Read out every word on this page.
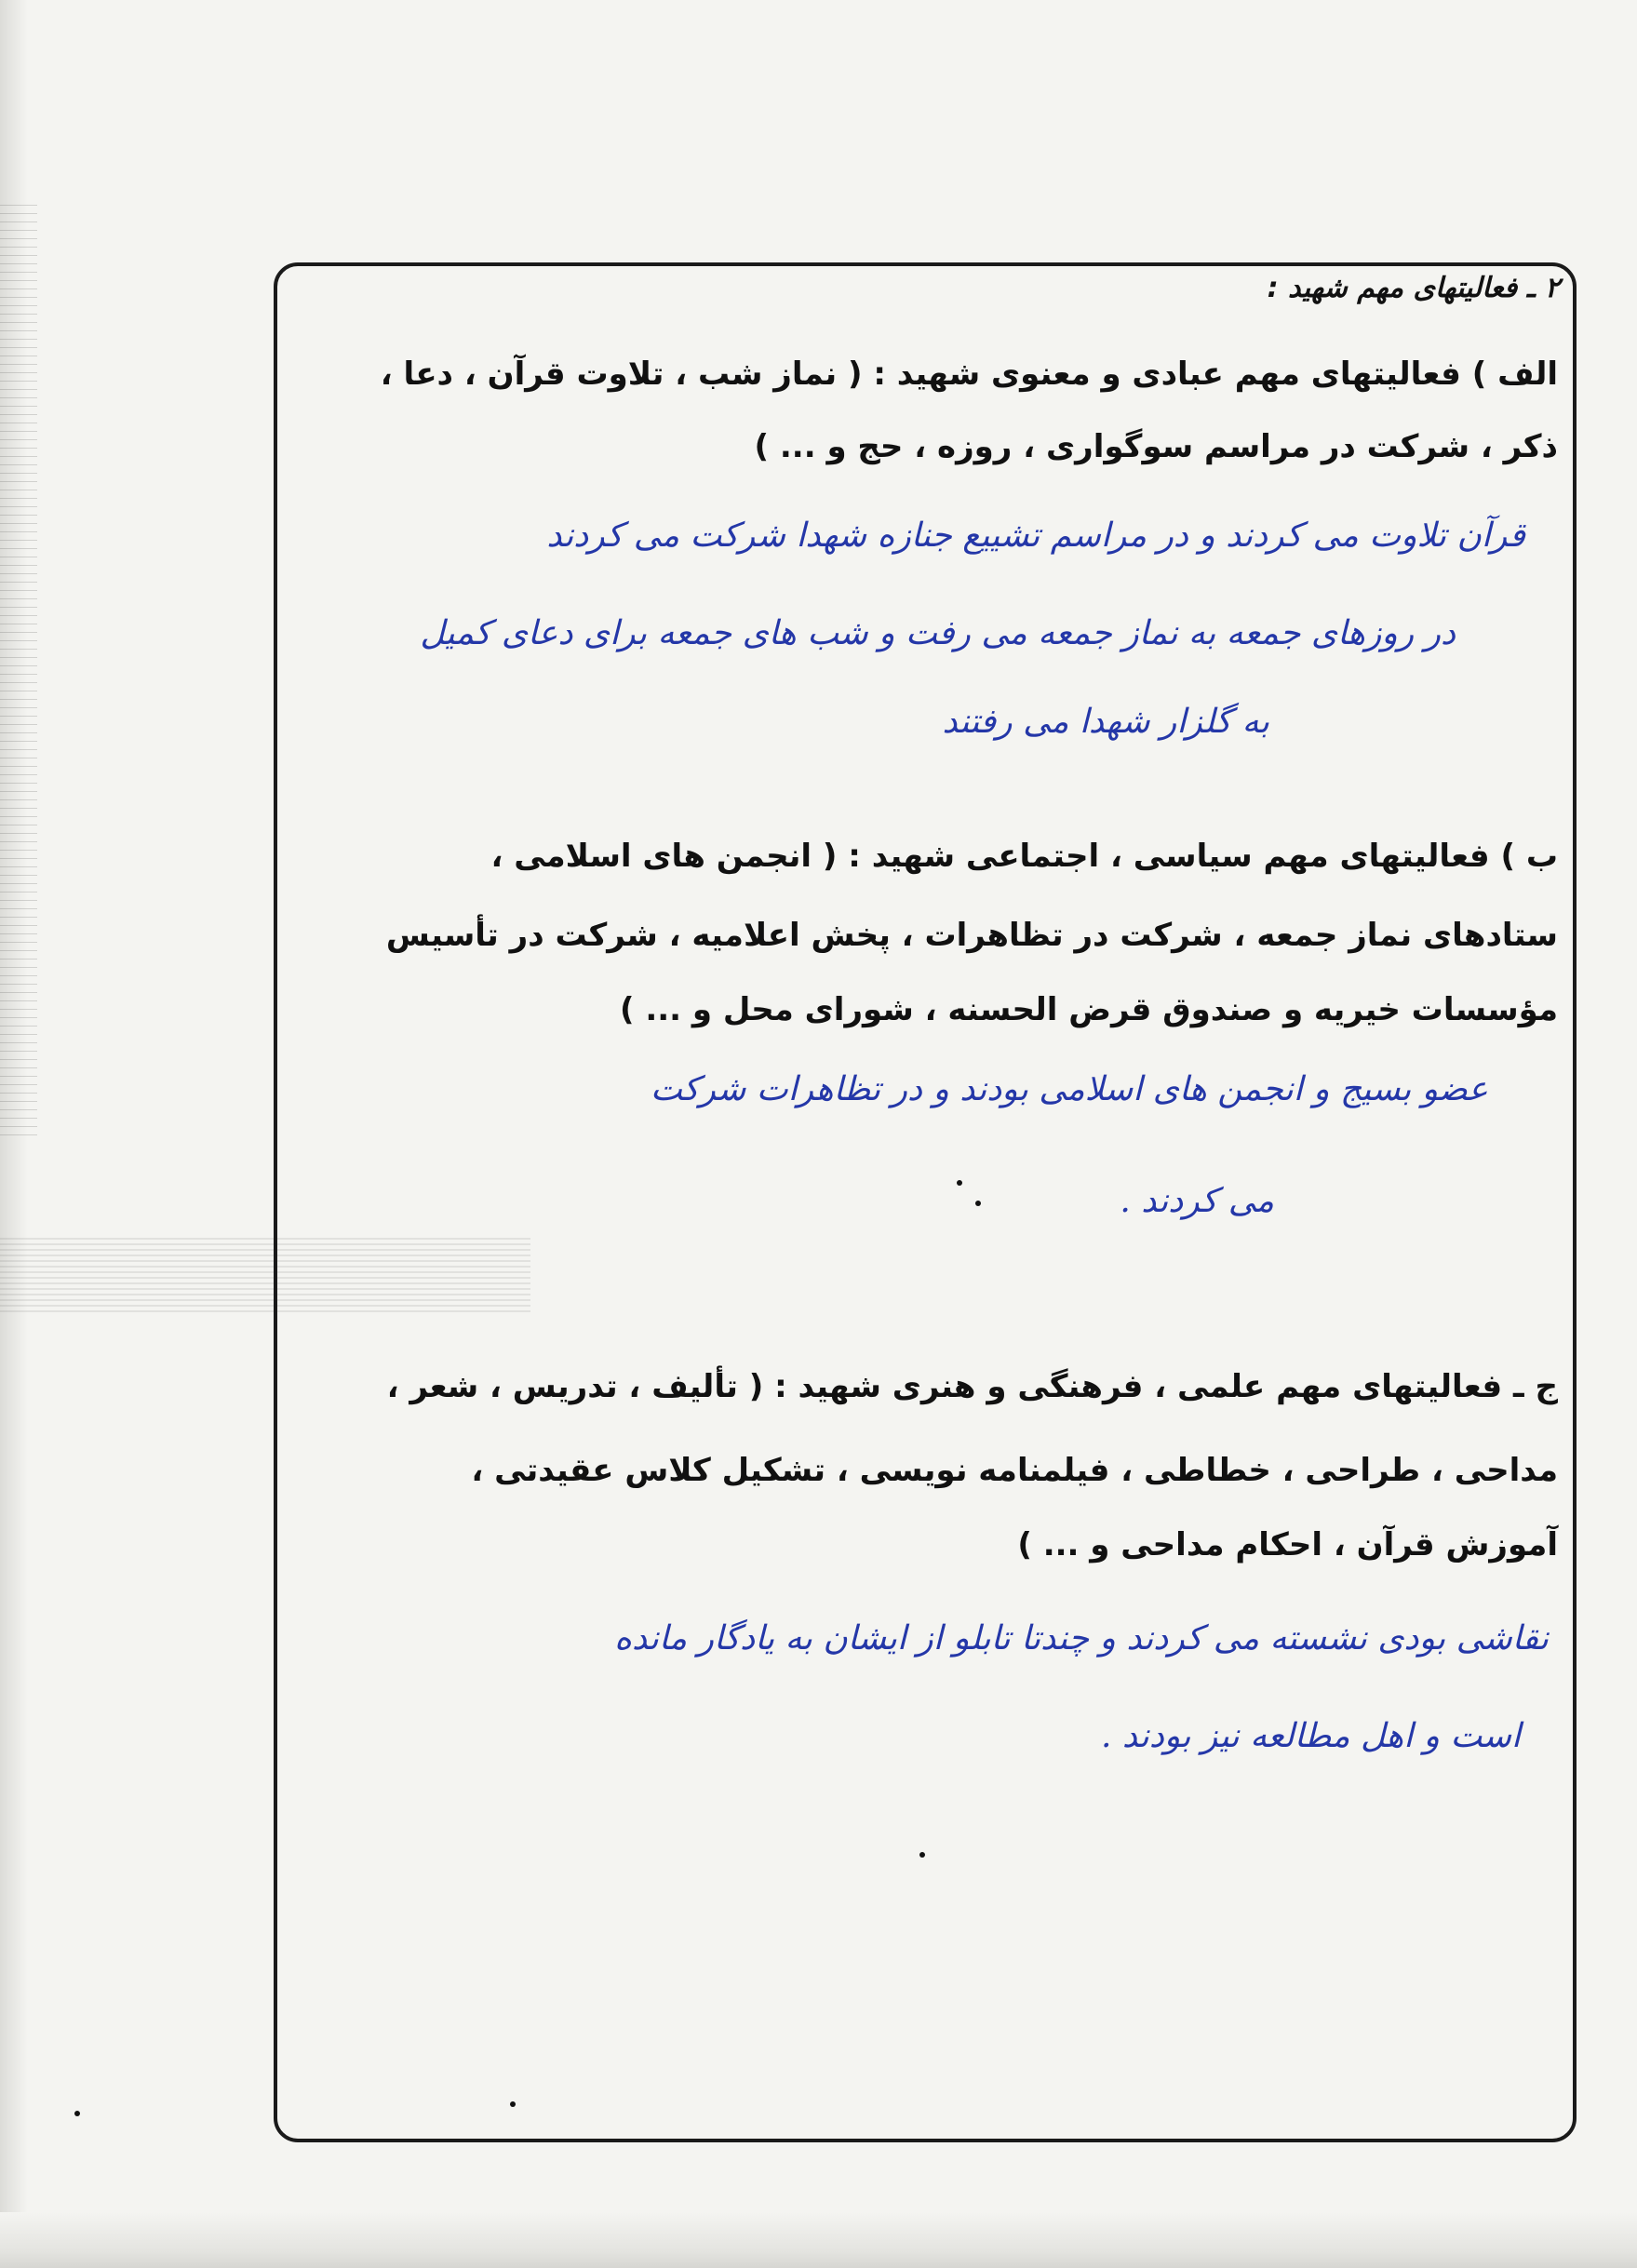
۲ ـ فعالیتهای مهم شهید :
الف ) فعالیتهای مهم عبادی و معنوی شهید : ( نماز شب ، تلاوت قرآن ، دعا ،
ذکر ، شرکت در مراسم سوگواری ، روزه ، حج و ... )
قرآن تلاوت می کردند و در مراسم تشییع جنازه شهدا شرکت می کردند
در روزهای جمعه به نماز جمعه می رفت و شب های جمعه برای دعای کمیل
به گلزار شهدا می رفتند
ب ) فعالیتهای مهم سیاسی ، اجتماعی شهید : ( انجمن های اسلامی ،
ستادهای نماز جمعه ، شرکت در تظاهرات ، پخش اعلامیه ، شرکت در تأسیس
مؤسسات خیریه و صندوق قرض الحسنه ، شورای محل و ... )
عضو بسیج و انجمن های اسلامی بودند و در تظاهرات شرکت
می کردند .
ج ـ فعالیتهای مهم علمی ، فرهنگی و هنری شهید : ( تألیف ، تدریس ، شعر ،
مداحی ، طراحی ، خطاطی ، فیلمنامه نویسی ، تشکیل کلاس عقیدتی ،
آموزش قرآن ، احکام مداحی و ... )
نقاشی بودی نشسته می کردند و چندتا تابلو از ایشان به یادگار مانده
است و اهل مطالعه نیز بودند .
